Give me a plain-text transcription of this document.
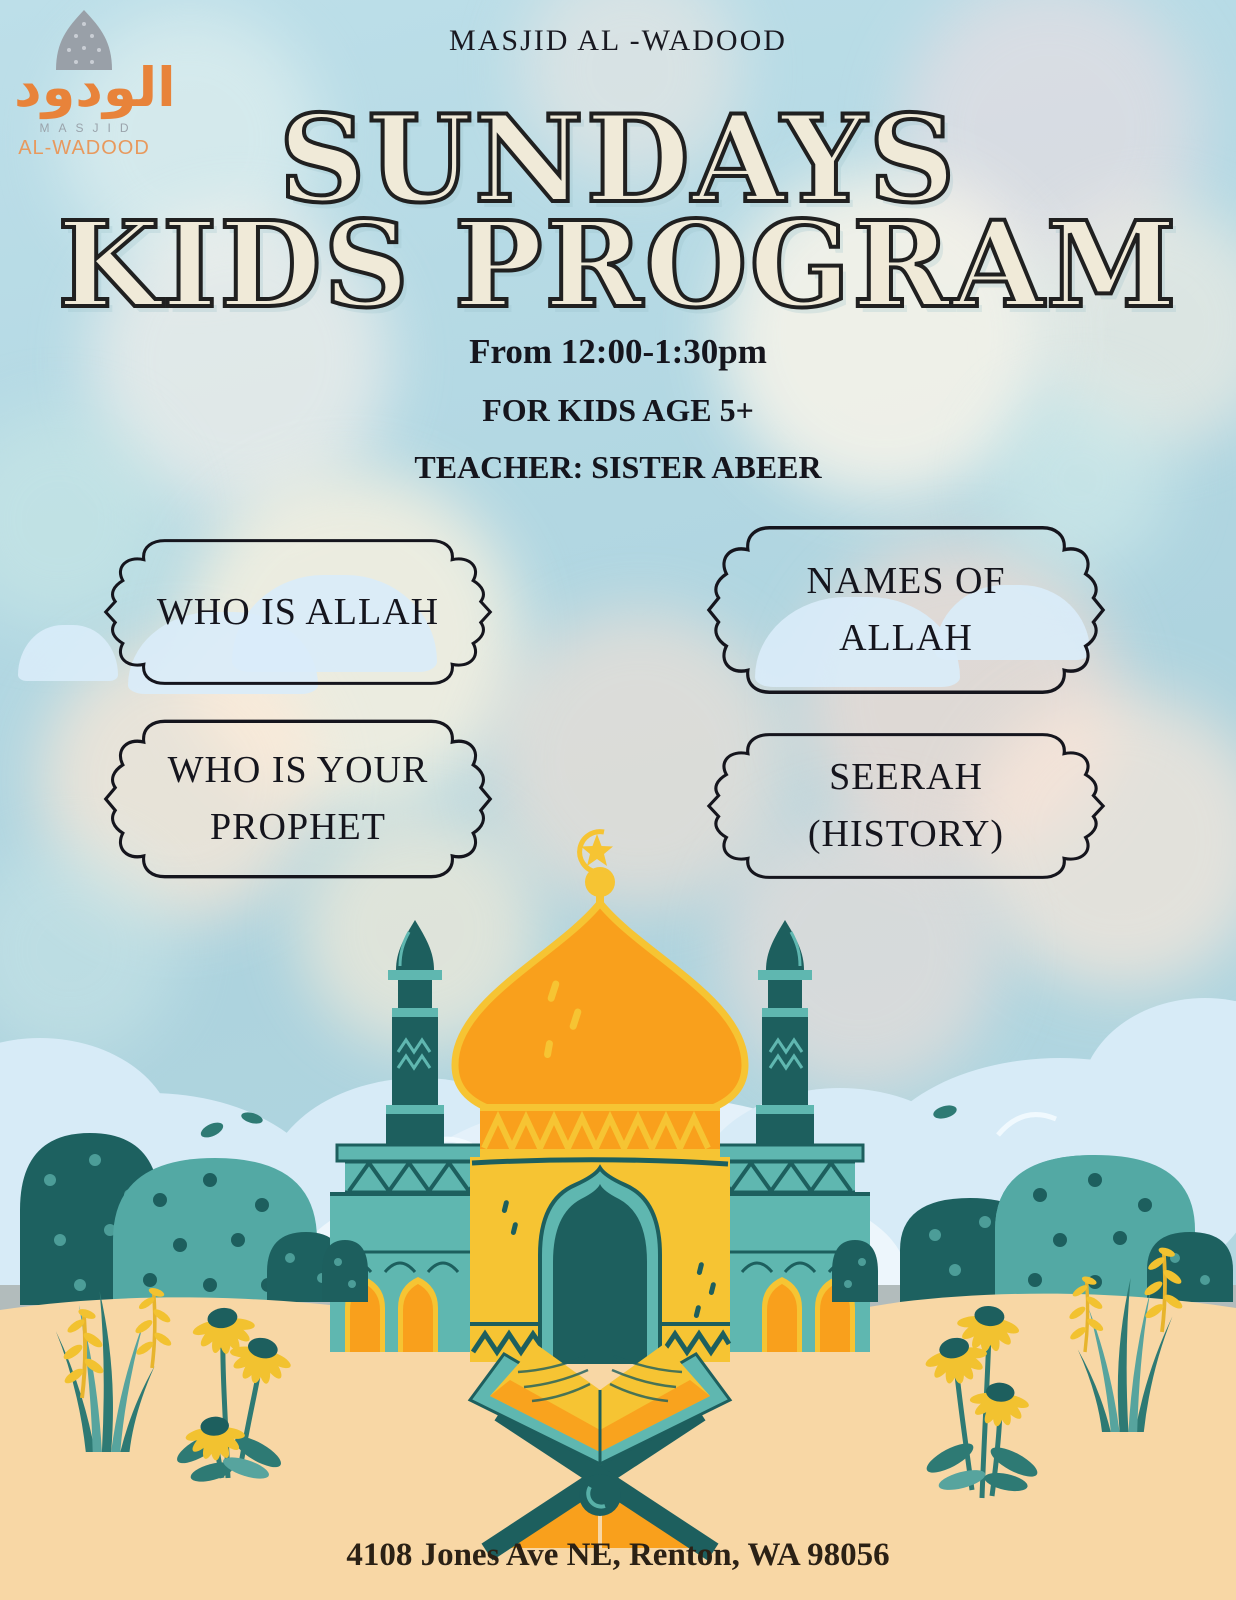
الودود
MASJID
AL-WADOOD
MASJID AL -WADOOD
SUNDAYS
KIDS PROGRAM
From 12:00-1:30pm
FOR KIDS AGE 5+
TEACHER: SISTER ABEER
WHO IS ALLAH
NAMES OF ALLAH
WHO IS YOUR PROPHET
SEERAH (HISTORY)
4108 Jones Ave NE, Renton, WA 98056
